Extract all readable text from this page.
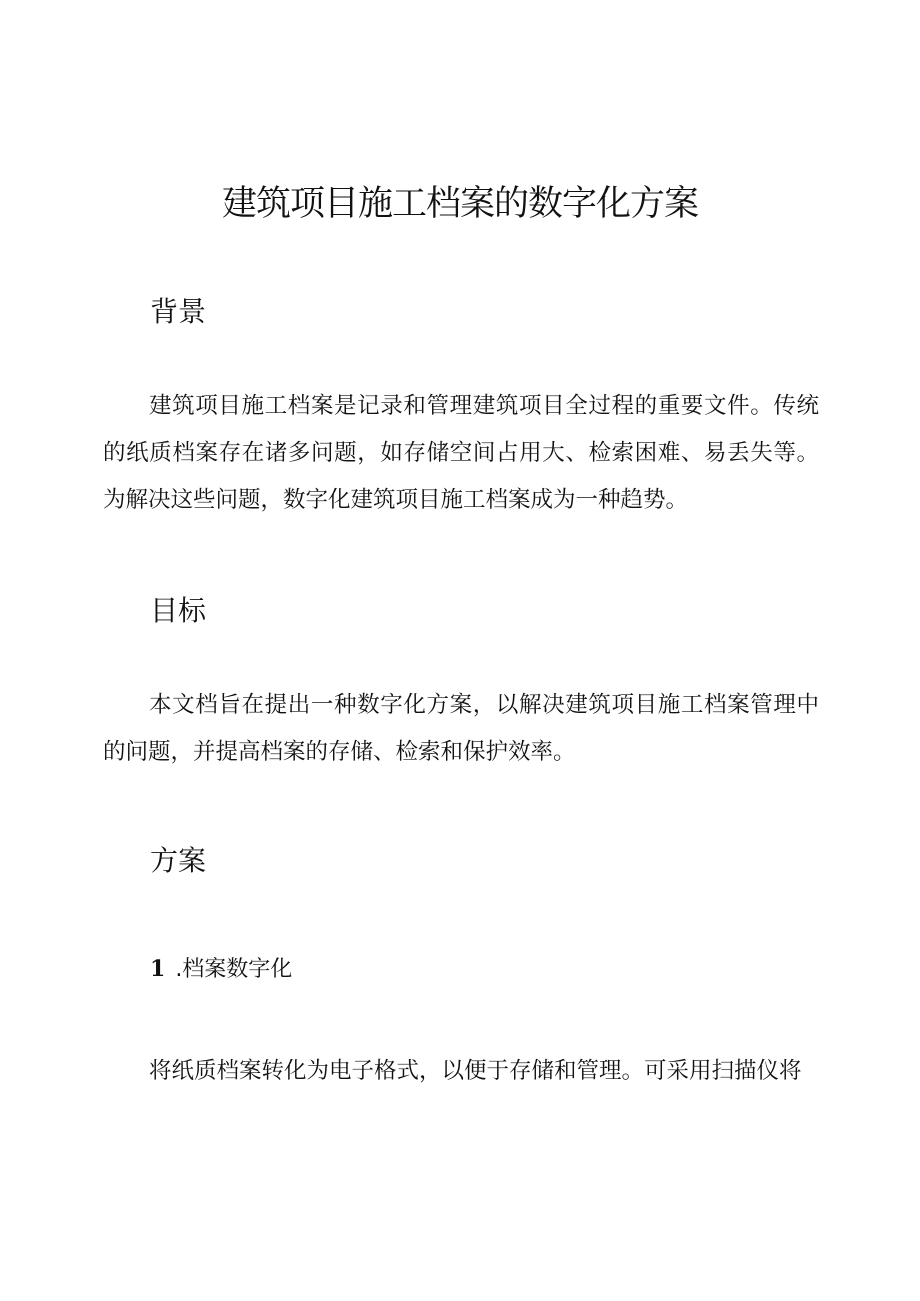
建筑项目施工档案的数字化方案
背景

建筑项目施工档案是记录和管理建筑项目全过程的重要文件。传统的纸质档案存在诸多问题，如存储空间占用大、检索困难、易丢失等。为解决这些问题，数字化建筑项目施工档案成为一种趋势。

目标

本文档旨在提出一种数字化方案，以解决建筑项目施工档案管理中的问题，并提高档案的存储、检索和保护效率。

方案
1 .档案数字化

将纸质档案转化为电子格式，以便于存储和管理。可采用扫描仪将
